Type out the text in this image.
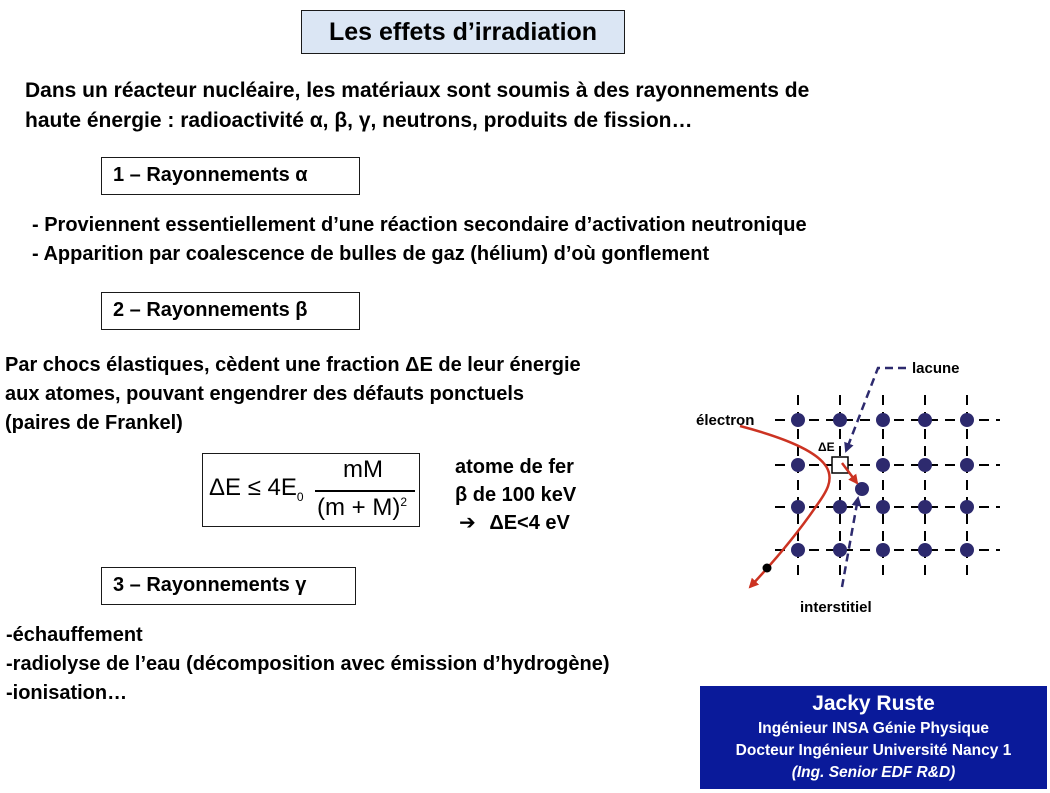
Les effets d’irradiation
Dans un réacteur nucléaire, les matériaux sont soumis à des rayonnements de
haute énergie : radioactivité α, β, γ, neutrons, produits de fission…
1 – Rayonnements α
- Proviennent essentiellement d’une réaction secondaire d’activation neutronique
- Apparition par coalescence de bulles de gaz (hélium) d’où gonflement
2 – Rayonnements β
Par chocs élastiques, cèdent une fraction ΔE de leur énergie
aux atomes, pouvant engendrer des défauts ponctuels
(paires de Frankel)
$\Delta E \le 4E_0$
mM
$(m + M)^2$
atome de fer
β de 100 keV
➔ ΔE<4 eV
lacune
électron
ΔE
interstitiel
3 – Rayonnements γ
-échauffement
-radiolyse de l’eau (décomposition avec émission d’hydrogène)
-ionisation…	Jacky Ruste
Ingénieur INSA Génie Physique
Docteur Ingénieur Université Nancy 1
(Ing. Senior EDF R&D)
